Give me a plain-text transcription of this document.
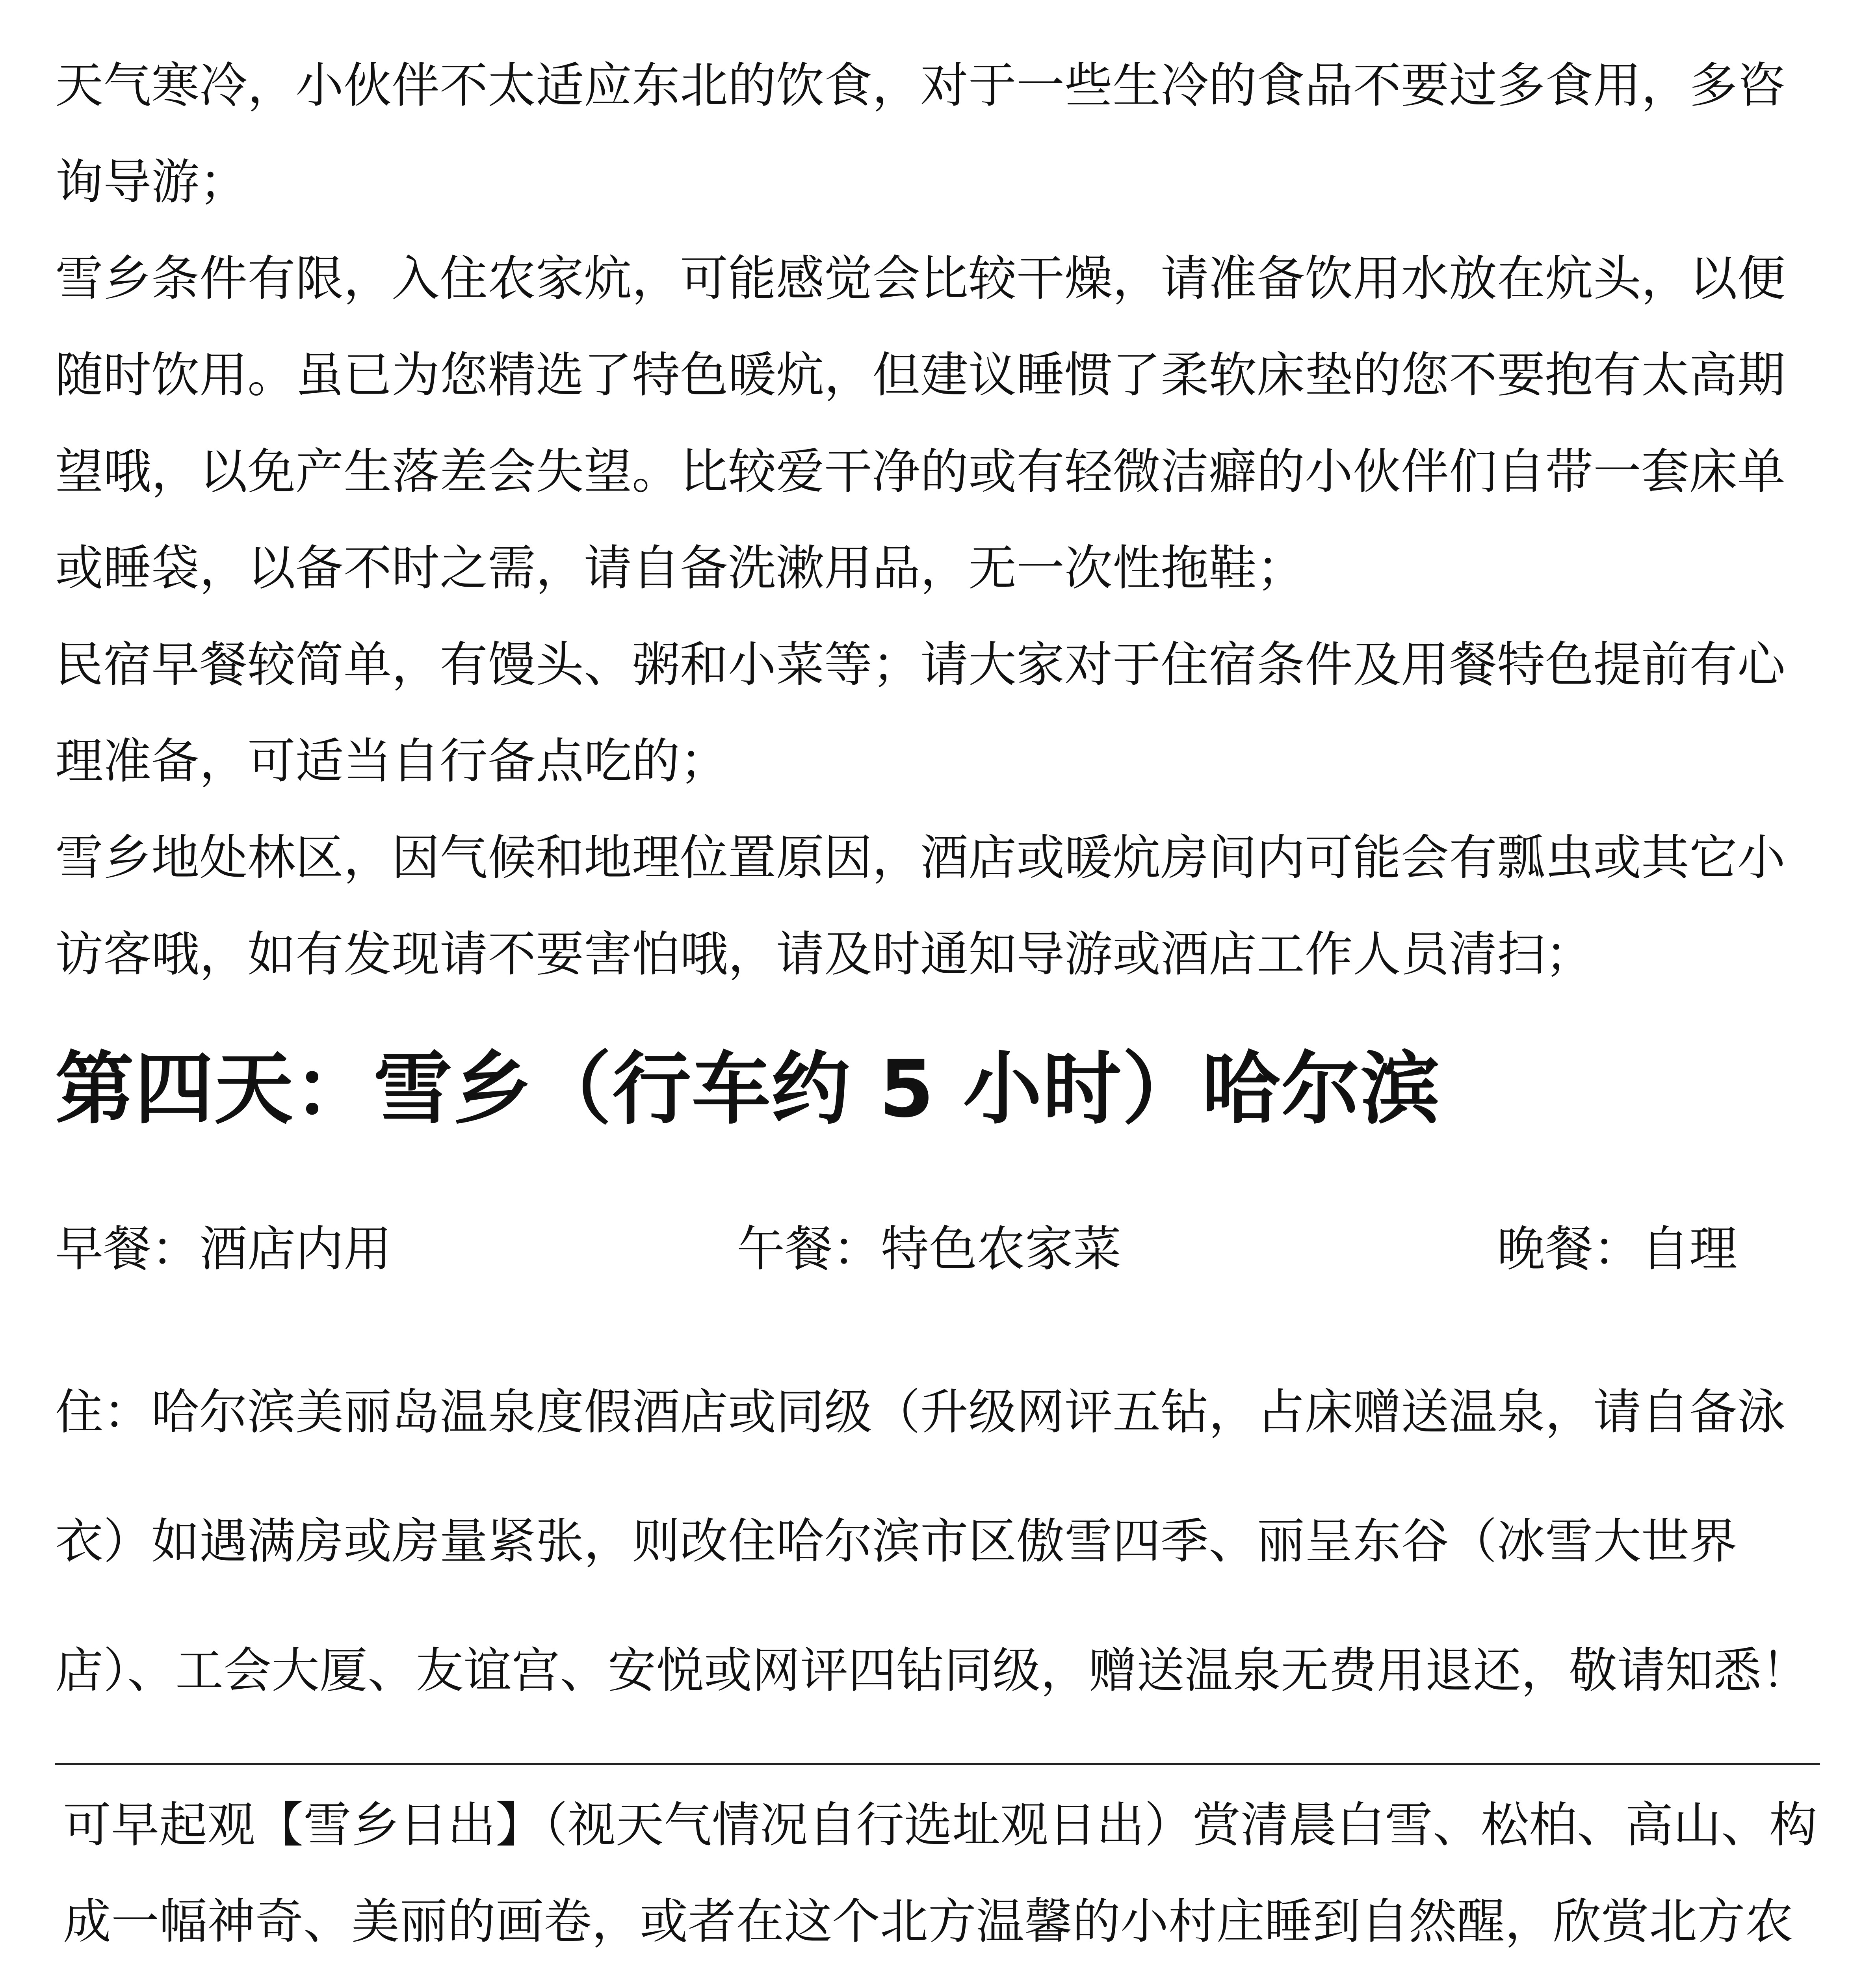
天气寒冷，小伙伴不太适应东北的饮食，对于一些生冷的食品不要过多食用，多咨询导游；

雪乡条件有限，入住农家炕，可能感觉会比较干燥，请准备饮用水放在炕头，以便随时饮用。虽已为您精选了特色暖炕，但建议睡惯了柔软床垫的您不要抱有太高期望哦，以免产生落差会失望。比较爱干净的或有轻微洁癖的小伙伴们自带一套床单或睡袋，以备不时之需，请自备洗漱用品，无一次性拖鞋；

民宿早餐较简单，有馒头、粥和小菜等；请大家对于住宿条件及用餐特色提前有心理准备，可适当自行备点吃的；

雪乡地处林区，因气候和地理位置原因，酒店或暖炕房间内可能会有瓢虫或其它小访客哦，如有发现请不要害怕哦，请及时通知导游或酒店工作人员清扫；

第四天：雪乡（行车约 5 小时）哈尔滨
早餐：酒店内用	午餐：特色农家菜	晚餐：自理

住：哈尔滨美丽岛温泉度假酒店或同级（升级网评五钻，占床赠送温泉，请自备泳衣）如遇满房或房量紧张，则改住哈尔滨市区傲雪四季、丽呈东谷（冰雪大世界店）、工会大厦、友谊宫、安悦或网评四钻同级，赠送温泉无费用退还，敬请知悉！

可早起观【雪乡日出】（视天气情况自行选址观日出）赏清晨白雪、松柏、高山、构成一幅神奇、美丽的画卷，或者在这个北方温馨的小村庄睡到自然醒，欣赏北方农
